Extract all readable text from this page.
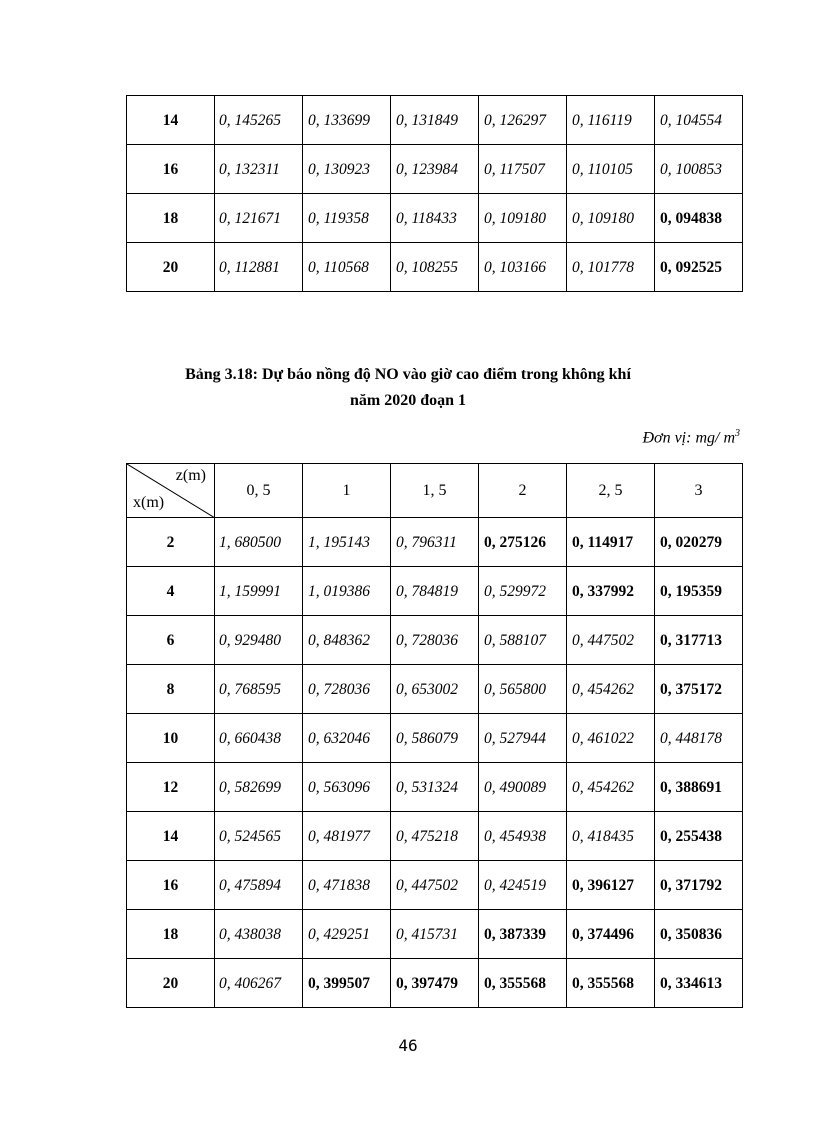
14	0, 145265	0, 133699	0, 131849	0, 126297	0, 116119	0, 104554
16	0, 132311	0, 130923	0, 123984	0, 117507	0, 110105	0, 100853
18	0, 121671	0, 119358	0, 118433	0, 109180	0, 109180	0, 094838
20	0, 112881	0, 110568	0, 108255	0, 103166	0, 101778	0, 092525
Bảng 3.18: Dự báo nồng độ NO vào giờ cao điểm trong không khí
năm 2020 đoạn 1
Đơn vị: mg/ $m^3$
z(m)
x(m)	0, 5	1	1, 5	2	2, 5	3
2	1, 680500	1, 195143	0, 796311	0, 275126	0, 114917	0, 020279
4	1, 159991	1, 019386	0, 784819	0, 529972	0, 337992	0, 195359
6	0, 929480	0, 848362	0, 728036	0, 588107	0, 447502	0, 317713
8	0, 768595	0, 728036	0, 653002	0, 565800	0, 454262	0, 375172
10	0, 660438	0, 632046	0, 586079	0, 527944	0, 461022	0, 448178
12	0, 582699	0, 563096	0, 531324	0, 490089	0, 454262	0, 388691
14	0, 524565	0, 481977	0, 475218	0, 454938	0, 418435	0, 255438
16	0, 475894	0, 471838	0, 447502	0, 424519	0, 396127	0, 371792
18	0, 438038	0, 429251	0, 415731	0, 387339	0, 374496	0, 350836
20	0, 406267	0, 399507	0, 397479	0, 355568	0, 355568	0, 334613
46
